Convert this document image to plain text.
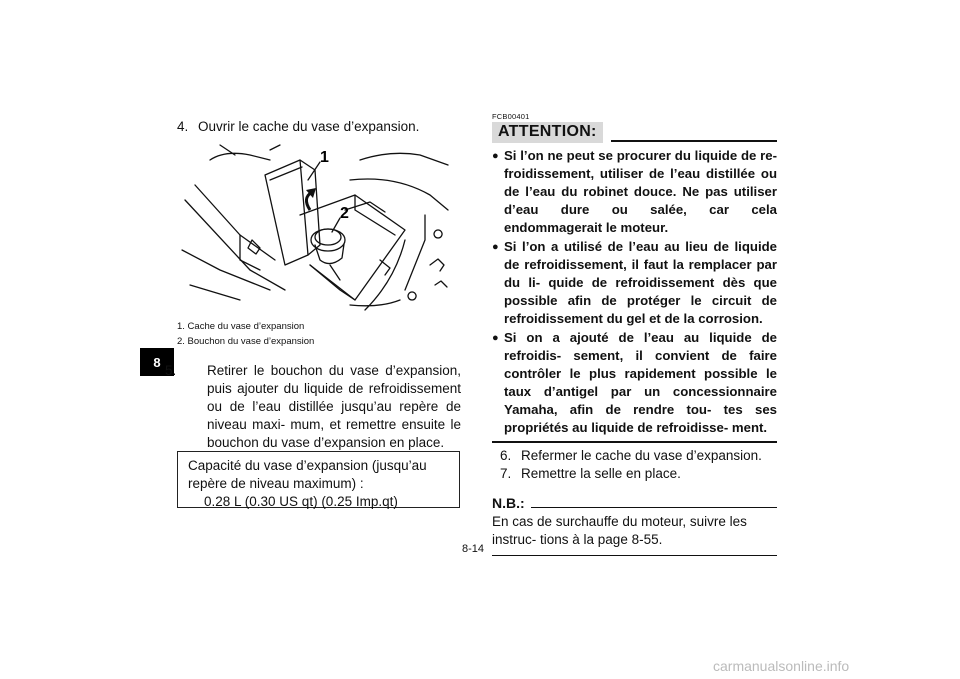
8

4. Ouvrir le cache du vase d’expansion.

1
2
1. Cache du vase d’expansion
2. Bouchon du vase d’expansion

5. Retirer le bouchon du vase d’expansion, puis ajouter du liquide de refroidissement ou de l’eau distillée jusqu’au repère de niveau maxi- mum, et remettre ensuite le bouchon du vase d’expansion en place.

Capacité du vase d’expansion (jusqu’au repère de niveau maximum) :
0.28 L (0.30 US qt) (0.25 Imp.qt)

FCB00401

ATTENTION:
● Si l’on ne peut se procurer du liquide de re- froidissement, utiliser de l’eau distillée ou de l’eau du robinet douce. Ne pas utiliser d’eau dure ou salée, car cela endommagerait le moteur.
● Si l’on a utilisé de l’eau au lieu de liquide de refroidissement, il faut la remplacer par du li- quide de refroidissement dès que possible afin de protéger le circuit de refroidissement du gel et de la corrosion.
● Si on a ajouté de l’eau au liquide de refroidis- sement, il convient de faire contrôler le plus rapidement possible le taux d’antigel par un concessionnaire Yamaha, afin de rendre tou- tes ses propriétés au liquide de refroidisse- ment.

6. Refermer le cache du vase d’expansion.

7. Remettre la selle en place.

N.B.:
En cas de surchauffe du moteur, suivre les instruc- tions à la page 8-55.
8-14
carmanualsonline.info
